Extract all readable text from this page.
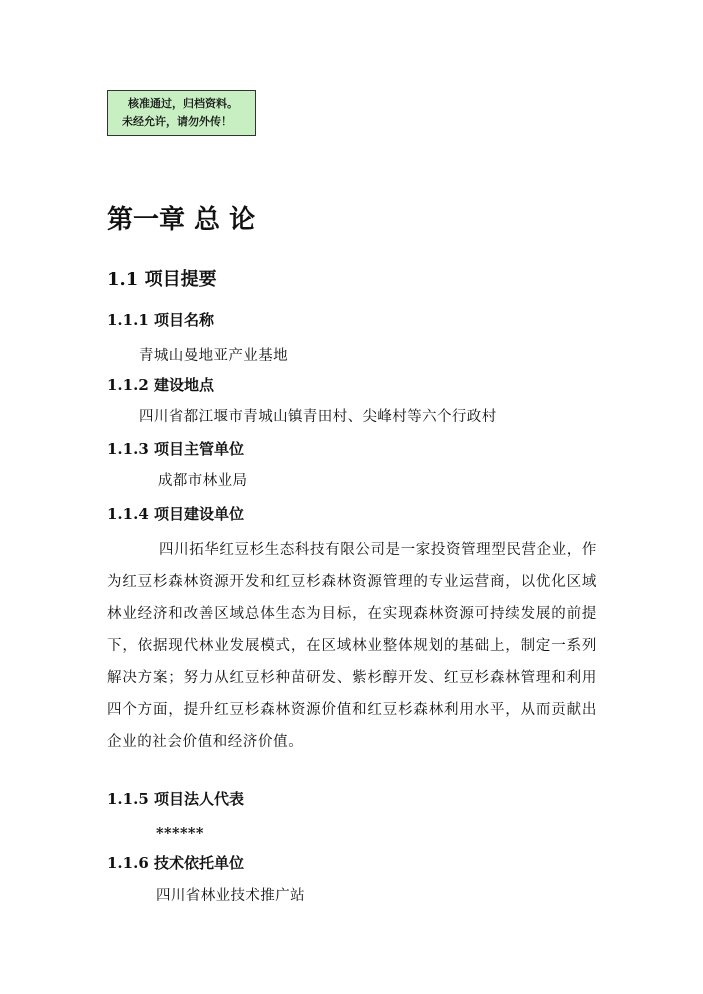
核准通过，归档资料。
未经允许，请勿外传！
第一章 总 论
1.1 项目提要
1.1.1 项目名称
青城山曼地亚产业基地
1.1.2 建设地点
四川省都江堰市青城山镇青田村、尖峰村等六个行政村
1.1.3 项目主管单位
成都市林业局
1.1.4 项目建设单位

四川拓华红豆杉生态科技有限公司是一家投资管理型民营企业，作为红豆杉森林资源开发和红豆杉森林资源管理的专业运营商，以优化区域林业经济和改善区域总体生态为目标，在实现森林资源可持续发展的前提下，依据现代林业发展模式，在区域林业整体规划的基础上，制定一系列解决方案；努力从红豆杉种苗研发、紫杉醇开发、红豆杉森林管理和利用四个方面，提升红豆杉森林资源价值和红豆杉森林利用水平，从而贡献出企业的社会价值和经济价值。

1.1.5 项目法人代表
******
1.1.6 技术依托单位
四川省林业技术推广站
